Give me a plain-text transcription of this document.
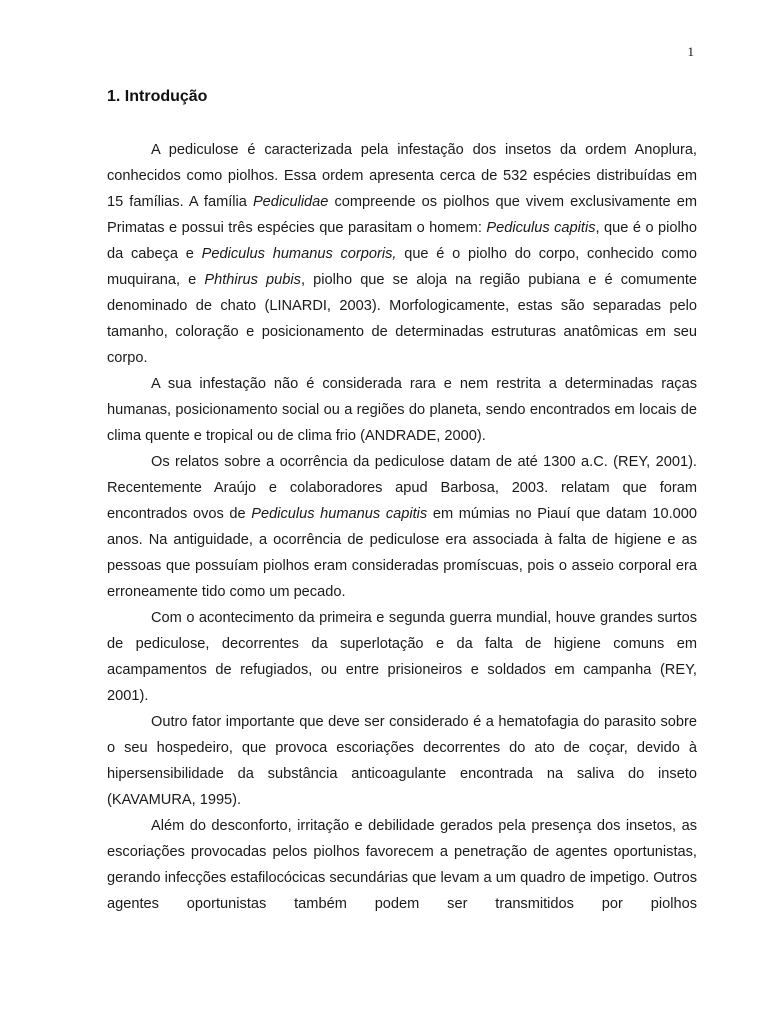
1
1. Introdução

A pediculose é caracterizada pela infestação dos insetos da ordem Anoplura, conhecidos como piolhos. Essa ordem apresenta cerca de 532 espécies distribuídas em 15 famílias. A família Pediculidae compreende os piolhos que vivem exclusivamente em Primatas e possui três espécies que parasitam o homem: Pediculus capitis, que é o piolho da cabeça e Pediculus humanus corporis, que é o piolho do corpo, conhecido como muquirana, e Phthirus pubis, piolho que se aloja na região pubiana e é comumente denominado de chato (LINARDI, 2003). Morfologicamente, estas são separadas pelo tamanho, coloração e posicionamento de determinadas estruturas anatômicas em seu corpo.

A sua infestação não é considerada rara e nem restrita a determinadas raças humanas, posicionamento social ou a regiões do planeta, sendo encontrados em locais de clima quente e tropical ou de clima frio (ANDRADE, 2000).

Os relatos sobre a ocorrência da pediculose datam de até 1300 a.C. (REY, 2001). Recentemente Araújo e colaboradores apud Barbosa, 2003. relatam que foram encontrados ovos de Pediculus humanus capitis em múmias no Piauí que datam 10.000 anos. Na antiguidade, a ocorrência de pediculose era associada à falta de higiene e as pessoas que possuíam piolhos eram consideradas promíscuas, pois o asseio corporal era erroneamente tido como um pecado.

Com o acontecimento da primeira e segunda guerra mundial, houve grandes surtos de pediculose, decorrentes da superlotação e da falta de higiene comuns em acampamentos de refugiados, ou entre prisioneiros e soldados em campanha (REY, 2001).

Outro fator importante que deve ser considerado é a hematofagia do parasito sobre o seu hospedeiro, que provoca escoriações decorrentes do ato de coçar, devido à hipersensibilidade da substância anticoagulante encontrada na saliva do inseto (KAVAMURA, 1995).

Além do desconforto, irritação e debilidade gerados pela presença dos insetos, as escoriações provocadas pelos piolhos favorecem a penetração de agentes oportunistas, gerando infecções estafilocócicas secundárias que levam a um quadro de impetigo. Outros agentes oportunistas também podem ser transmitidos por piolhos
